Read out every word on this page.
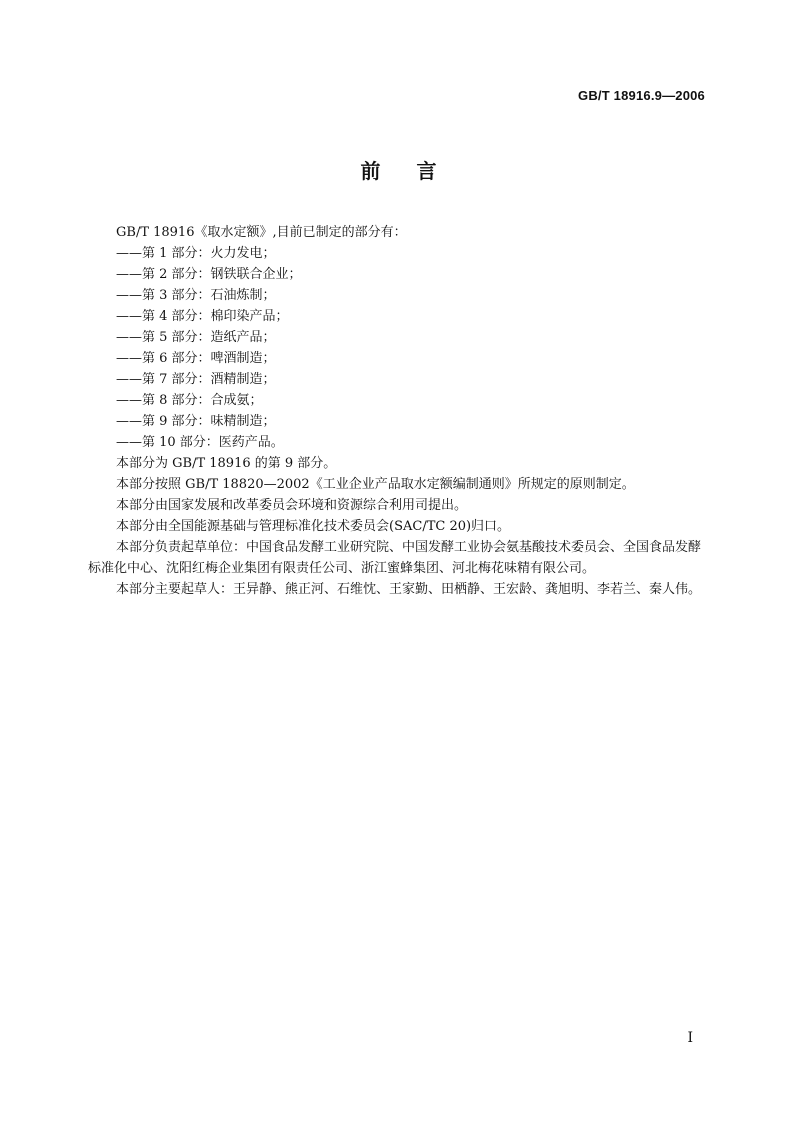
GB/T 18916.9—2006

前言

GB/T 18916《取水定额》,目前已制定的部分有：

——第 1 部分：火力发电；
——第 2 部分：钢铁联合企业；
——第 3 部分：石油炼制；
——第 4 部分：棉印染产品；
——第 5 部分：造纸产品；
——第 6 部分：啤酒制造；
——第 7 部分：酒精制造；
——第 8 部分：合成氨；
——第 9 部分：味精制造；
——第 10 部分：医药产品。

本部分为 GB/T 18916 的第 9 部分。

本部分按照 GB/T 18820—2002《工业企业产品取水定额编制通则》所规定的原则制定。

本部分由国家发展和改革委员会环境和资源综合利用司提出。

本部分由全国能源基础与管理标准化技术委员会(SAC/TC 20)归口。

本部分负责起草单位：中国食品发酵工业研究院、中国发酵工业协会氨基酸技术委员会、全国食品发酵标准化中心、沈阳红梅企业集团有限责任公司、浙江蜜蜂集团、河北梅花味精有限公司。

本部分主要起草人：王异静、熊正河、石维忱、王家勤、田栖静、王宏龄、龚旭明、李若兰、秦人伟。

I
